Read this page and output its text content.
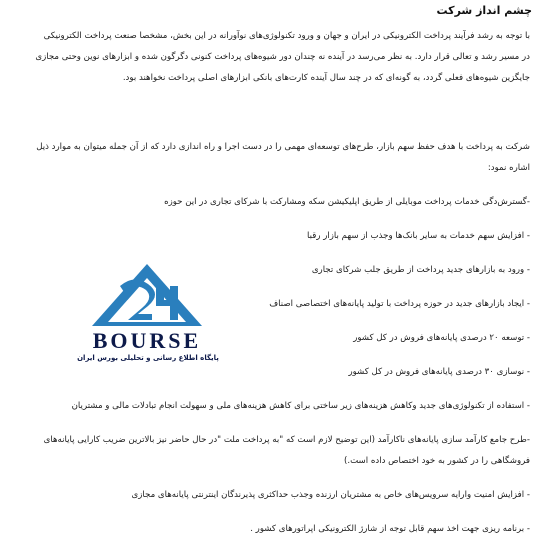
چشم انداز شرکت
با توجه به رشد فرآیند پرداخت الکترونیکی در ایران و جهان و ورود تکنولوژی‌های نوآورانه در این بخش، مشخصا صنعت پرداخت الکترونیکی
در مسیر رشد و تعالی قرار دارد. به نظر می‌رسد در آینده نه چندان دور شیوه‌های پرداخت کنونی دگرگون شده و ابزارهای نوین وحتی مجازی
جایگزین شیوه‌های فعلی گردد، به گونه‌ای که در چند سال آینده کارت‌های بانکی ابزارهای اصلی پرداخت نخواهند بود.
شرکت به پرداخت با هدف حفظ سهم بازار، طرح‌های توسعه‌ای مهمی را در دست اجرا و راه اندازی دارد که از آن جمله میتوان به موارد ذیل
اشاره نمود:
-گسترش‌دگی خدمات پرداخت موبایلی از طریق اپلیکیشن سکه ومشارکت با شرکای تجاری در این حوزه
- افزایش سهم خدمات به سایر بانک‌ها وجذب از سهم بازار رقبا
- ورود به بازارهای جدید پرداخت از طریق جلب شرکای تجاری
- ایجاد بازارهای جدید در حوزه پرداخت با تولید پایانه‌های اختصاصی اصناف
- توسعه ۲۰ درصدی پایانه‌های فروش در کل کشور
- نوسازی ۳۰ درصدی پایانه‌های فروش در کل کشور
- استفاده از تکنولوژی‌های جدید وکاهش هزینه‌های زیر ساختی برای کاهش هزینه‌های ملی و سهولت انجام تبادلات مالی و مشتریان
-طرح جامع کارآمد سازی پایانه‌های ناکارآمد (این توضیح لازم است که "به پرداخت ملت "در حال حاضر نیز بالاترین ضریب کارایی پایانه‌های
فروشگاهی را در کشور به خود اختصاص داده است.)
- افزایش امنیت وارایه سرویس‌های خاص به مشتریان ارزنده وجذب حداکثری پذیرندگان اینترنتی پایانه‌های مجازی
- برنامه ریزی جهت اخذ سهم قابل توجه از شارژ الکترونیکی اپراتورهای کشور .
BOURSE
پایگاه اطلاع رسانی و تحلیلی بورس ایران
